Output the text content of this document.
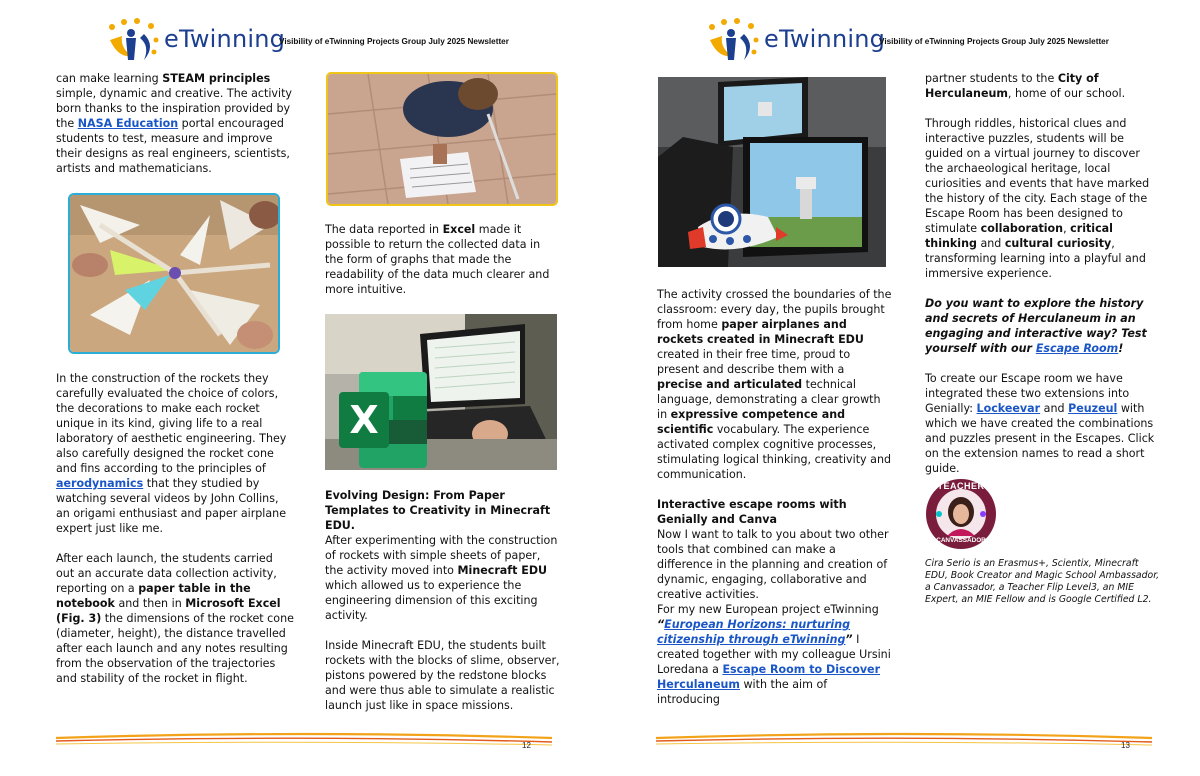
eTwinning
Visibility of eTwinning Projects Group July 2025 Newsletter

can make learning STEAM principles simple, dynamic and creative. The activity born thanks to the inspiration provided by the NASA Education portal encouraged students to test, measure and improve their designs as real engineers, scientists, artists and mathematicians.

In the construction of the rockets they carefully evaluated the choice of colors, the decorations to make each rocket unique in its kind, giving life to a real laboratory of aesthetic engineering. They also carefully designed the rocket cone and fins according to the principles of aerodynamics that they studied by watching several videos by John Collins, an origami enthusiast and paper airplane expert just like me.

After each launch, the students carried out an accurate data collection activity, reporting on a paper table in the notebook and then in Microsoft Excel (Fig. 3) the dimensions of the rocket cone (diameter, height), the distance travelled after each launch and any notes resulting from the observation of the trajectories and stability of the rocket in flight.

The data reported in Excel made it possible to return the collected data in the form of graphs that made the readability of the data much clearer and more intuitive.

X

Evolving Design: From Paper Templates to Creativity in Minecraft EDU.

After experimenting with the construction of rockets with simple sheets of paper, the activity moved into Minecraft EDU which allowed us to experience the engineering dimension of this exciting activity.

Inside Minecraft EDU, the students built rockets with the blocks of slime, observer, pistons powered by the redstone blocks and were thus able to simulate a realistic launch just like in space missions.

12
eTwinning
Visibility of eTwinning Projects Group July 2025 Newsletter

The activity crossed the boundaries of the classroom: every day, the pupils brought from home paper airplanes and rockets created in Minecraft EDU created in their free time, proud to present and describe them with a precise and articulated technical language, demonstrating a clear growth in expressive competence and scientific vocabulary. The experience activated complex cognitive processes, stimulating logical thinking, creativity and communication.

Interactive escape rooms with Genially and Canva

Now I want to talk to you about two other tools that combined can make a difference in the planning and creation of dynamic, engaging, collaborative and creative activities.

For my new European project eTwinning “European Horizons: nurturing citizenship through eTwinning” I created together with my colleague Ursini Loredana a Escape Room to Discover Herculaneum with the aim of introducing

partner students to the City of Herculaneum, home of our school.

Through riddles, historical clues and interactive puzzles, students will be guided on a virtual journey to discover the archaeological heritage, local curiosities and events that have marked the history of the city. Each stage of the Escape Room has been designed to stimulate collaboration, critical thinking and cultural curiosity, transforming learning into a playful and immersive experience.

Do you want to explore the history and secrets of Herculaneum in an engaging and interactive way? Test yourself with our Escape Room!

To create our Escape room we have integrated these two extensions into Genially: Lockeevar and Peuzeul with which we have created the combinations and puzzles present in the Escapes. Click on the extension names to read a short guide.

TEACHER
CANVASSADOR
Cira Serio is an Erasmus+, Scientix, Minecraft EDU, Book Creator and Magic School Ambassador, a Canvassador, a Teacher Flip Level3, an MIE Expert, an MIE Fellow and is Google Certified L2.
13
